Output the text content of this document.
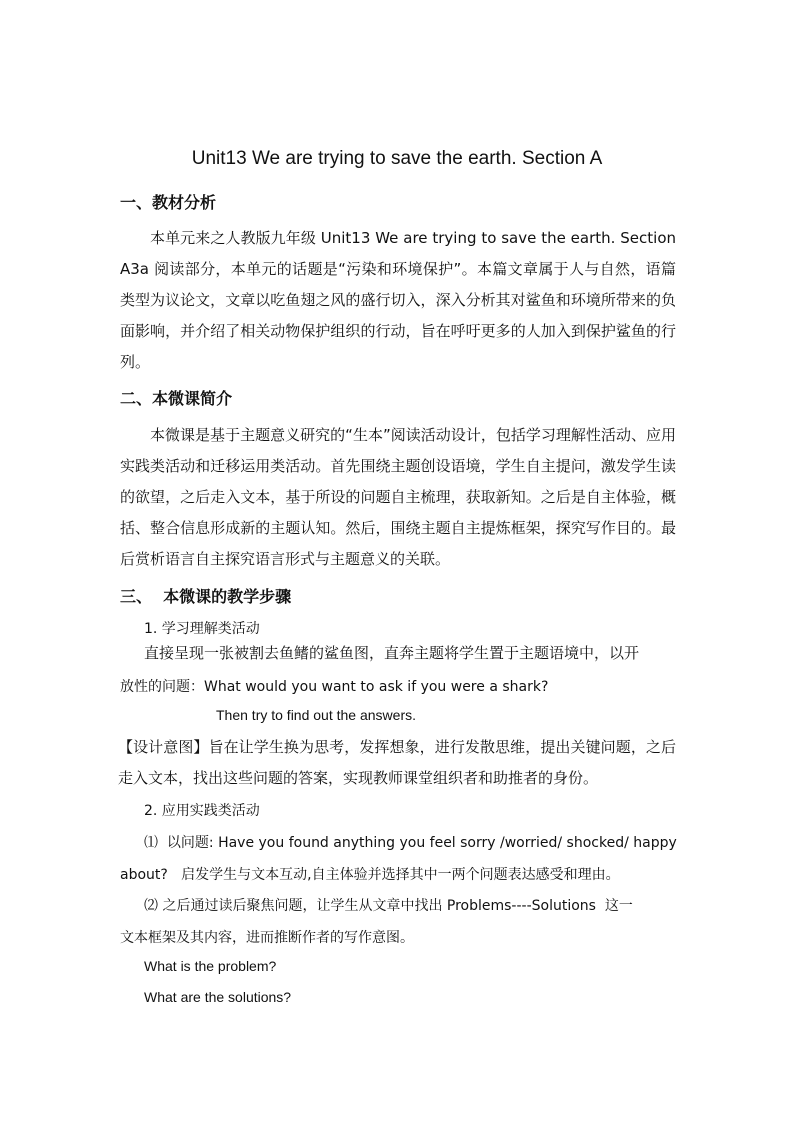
Unit13 We are trying to save the earth. Section A
一、教材分析
本单元来之人教版九年级 Unit13 We are trying to save the earth. Section A3a 阅读部分，本单元的话题是“污染和环境保护”。本篇文章属于人与自然，语篇类型为议论文，文章以吃鱼翅之风的盛行切入，深入分析其对鲨鱼和环境所带来的负面影响，并介绍了相关动物保护组织的行动，旨在呼吁更多的人加入到保护鲨鱼的行列。
二、本微课简介
本微课是基于主题意义研究的“生本”阅读活动设计，包括学习理解性活动、应用实践类活动和迁移运用类活动。首先围绕主题创设语境，学生自主提问，激发学生读的欲望，之后走入文本，基于所设的问题自主梳理，获取新知。之后是自主体验，概括、整合信息形成新的主题认知。然后，围绕主题自主提炼框架，探究写作目的。最后赏析语言自主探究语言形式与主题意义的关联。
三、  本微课的教学步骤
1. 学习理解类活动
直接呈现一张被割去鱼鳍的鲨鱼图，直奔主题将学生置于主题语境中，以开
放性的问题：What would you want to ask if you were a shark?
Then try to find out the answers.
【设计意图】旨在让学生换为思考，发挥想象，进行发散思维，提出关键问题，之后走入文本，找出这些问题的答案，实现教师课堂组织者和助推者的身份。
2. 应用实践类活动
⑴  以问题: Have you found anything you feel sorry /worried/ shocked/ happy
about?   启发学生与文本互动,自主体验并选择其中一两个问题表达感受和理由。
⑵ 之后通过读后聚焦问题，让学生从文章中找出 Problems----Solutions  这一
文本框架及其内容，进而推断作者的写作意图。
What is the problem?
What are the solutions?
